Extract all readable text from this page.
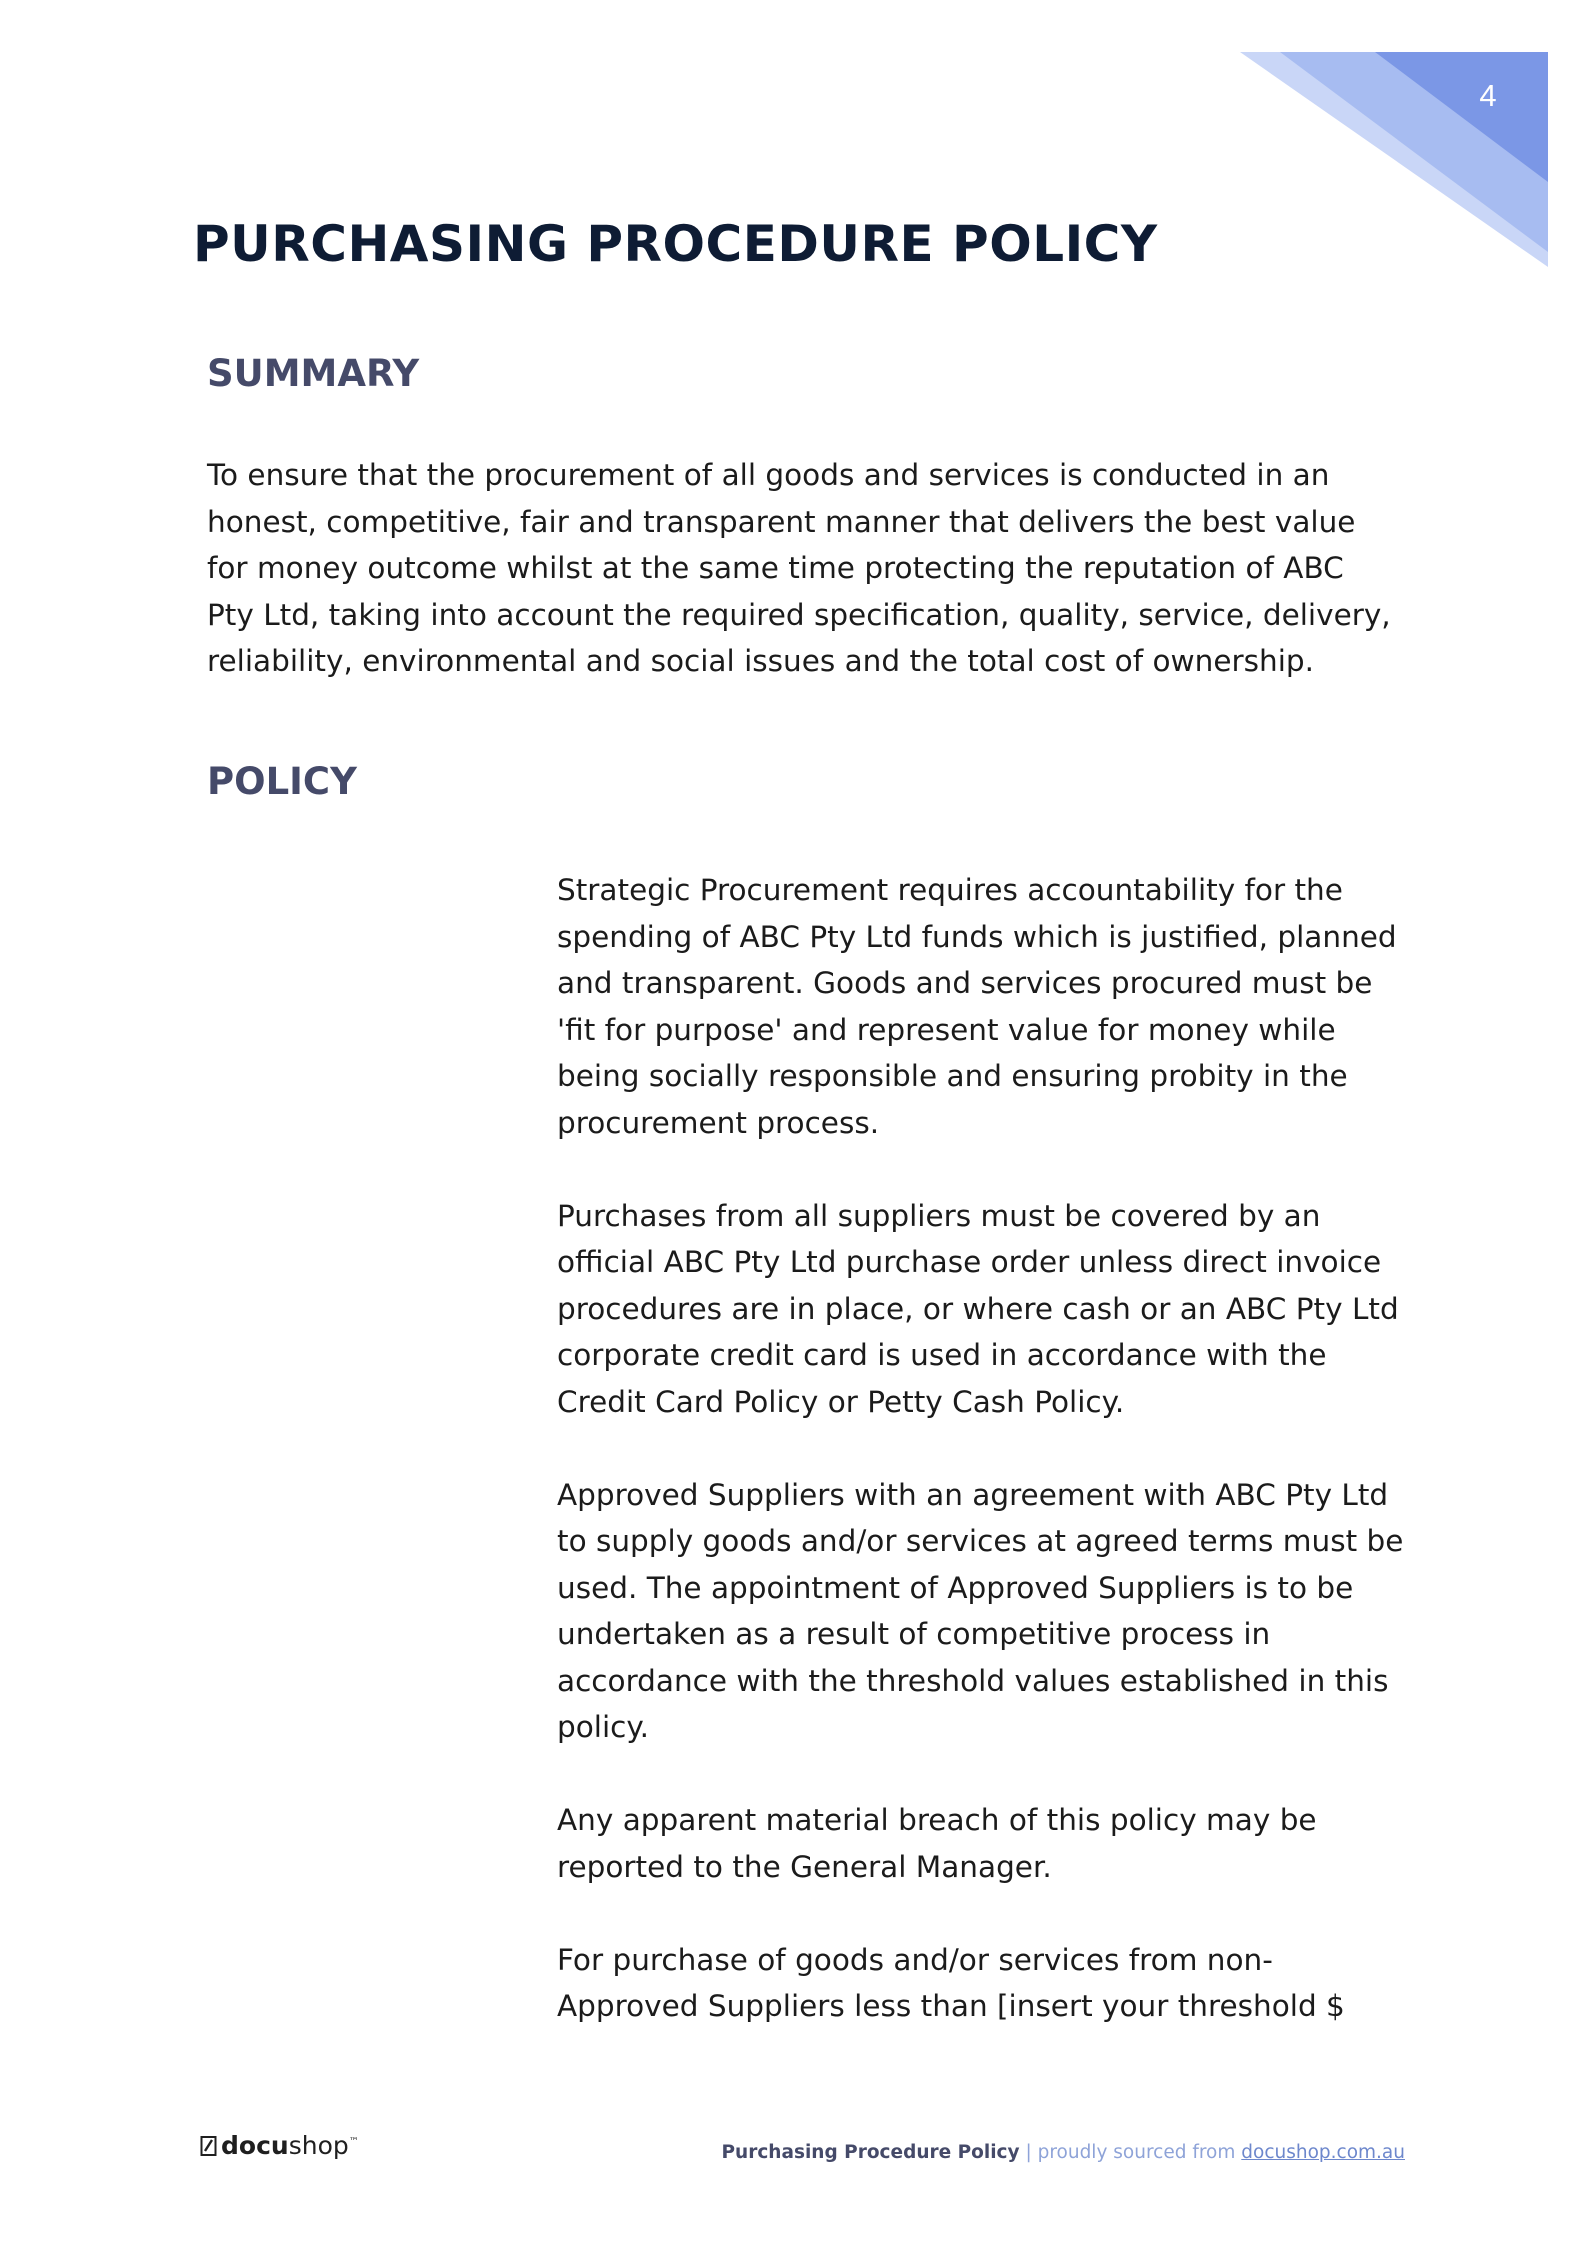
4
PURCHASING PROCEDURE POLICY
SUMMARY

To ensure that the procurement of all goods and services is conducted in an honest, competitive, fair and transparent manner that delivers the best value for money outcome whilst at the same time protecting the reputation of ABC Pty Ltd, taking into account the required specification, quality, service, delivery, reliability, environmental and social issues and the total cost of ownership.

POLICY

Strategic Procurement requires accountability for the spending of ABC Pty Ltd funds which is justified, planned and transparent. Goods and services procured must be 'fit for purpose' and represent value for money while being socially responsible and ensuring probity in the procurement process.

Purchases from all suppliers must be covered by an official ABC Pty Ltd purchase order unless direct invoice procedures are in place, or where cash or an ABC Pty Ltd corporate credit card is used in accordance with the Credit Card Policy or Petty Cash Policy.

Approved Suppliers with an agreement with ABC Pty Ltd to supply goods and/or services at agreed terms must be used. The appointment of Approved Suppliers is to be undertaken as a result of competitive process in accordance with the threshold values established in this policy.

Any apparent material breach of this policy may be reported to the General Manager.

For purchase of goods and/or services from non-Approved Suppliers less than [insert your threshold $

docushop™	Purchasing Procedure Policy | proudly sourced from docushop.com.au
